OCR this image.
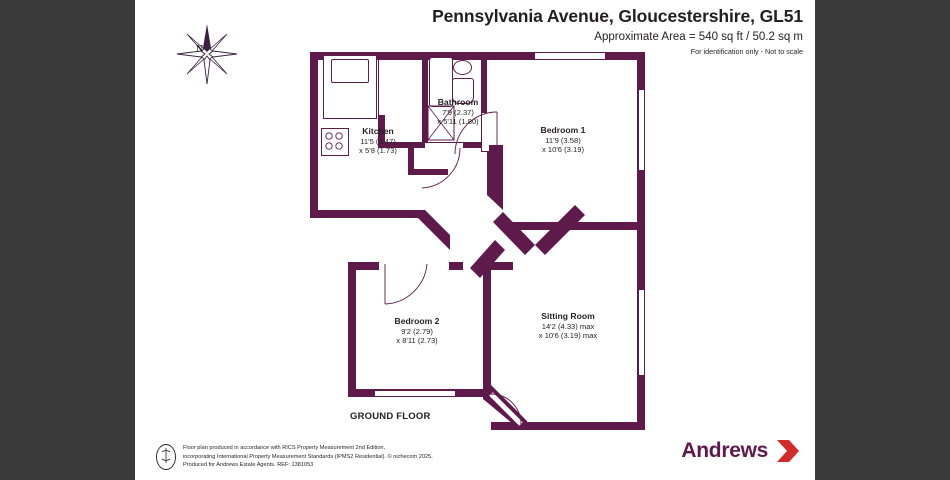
Pennsylvania Avenue, Gloucestershire, GL51
Approximate Area = 540 sq ft / 50.2 sq m
For identification only - Not to scale
N
Kitchen
11'5 (3.47)
x 5'8 (1.73)
Bathroom
7'9 (2.37)
x 5'11 (1.80)
Bedroom 1
11'9 (3.58)
x 10'6 (3.19)
Bedroom 2
9'2 (2.79)
x 8'11 (2.73)
Sitting Room
14'2 (4.33) max
x 10'6 (3.19) max
GROUND FLOOR
Floor plan produced in accordance with RICS Property Measurement 2nd Edition,
incorporating International Property Measurement Standards (IPMS2 Residential). © nichecom 2025.
Produced for Andrews Estate Agents. REF: 1381053
Andrews
